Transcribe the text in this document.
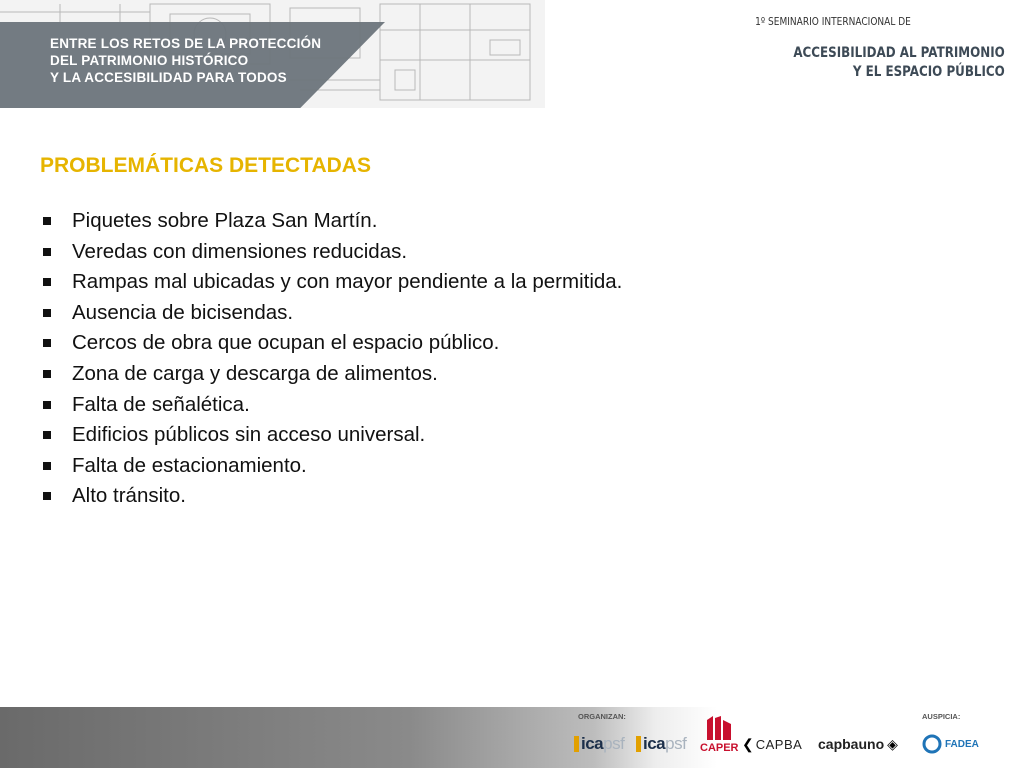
ENTRE LOS RETOS DE LA PROTECCIÓN
DEL PATRIMONIO HISTÓRICO
Y LA ACCESIBILIDAD PARA TODOS
1º SEMINARIO INTERNACIONAL DE
ACCESIBILIDAD AL PATRIMONIO
Y EL ESPACIO PÚBLICO
PROBLEMÁTICAS DETECTADAS
Piquetes sobre Plaza San Martín.
Veredas con dimensiones reducidas.
Rampas mal ubicadas y con mayor pendiente a la permitida.
Ausencia de bicisendas.
Cercos de obra que ocupan el espacio público.
Zona de carga y descarga de alimentos.
Falta de señalética.
Edificios públicos sin acceso universal.
Falta de estacionamiento.
Alto tránsito.
ORGANIZAN:	AUSPICIA:
ica psf ica psf CAPER ❮ CAPBA capbauno ◈	FADEA
